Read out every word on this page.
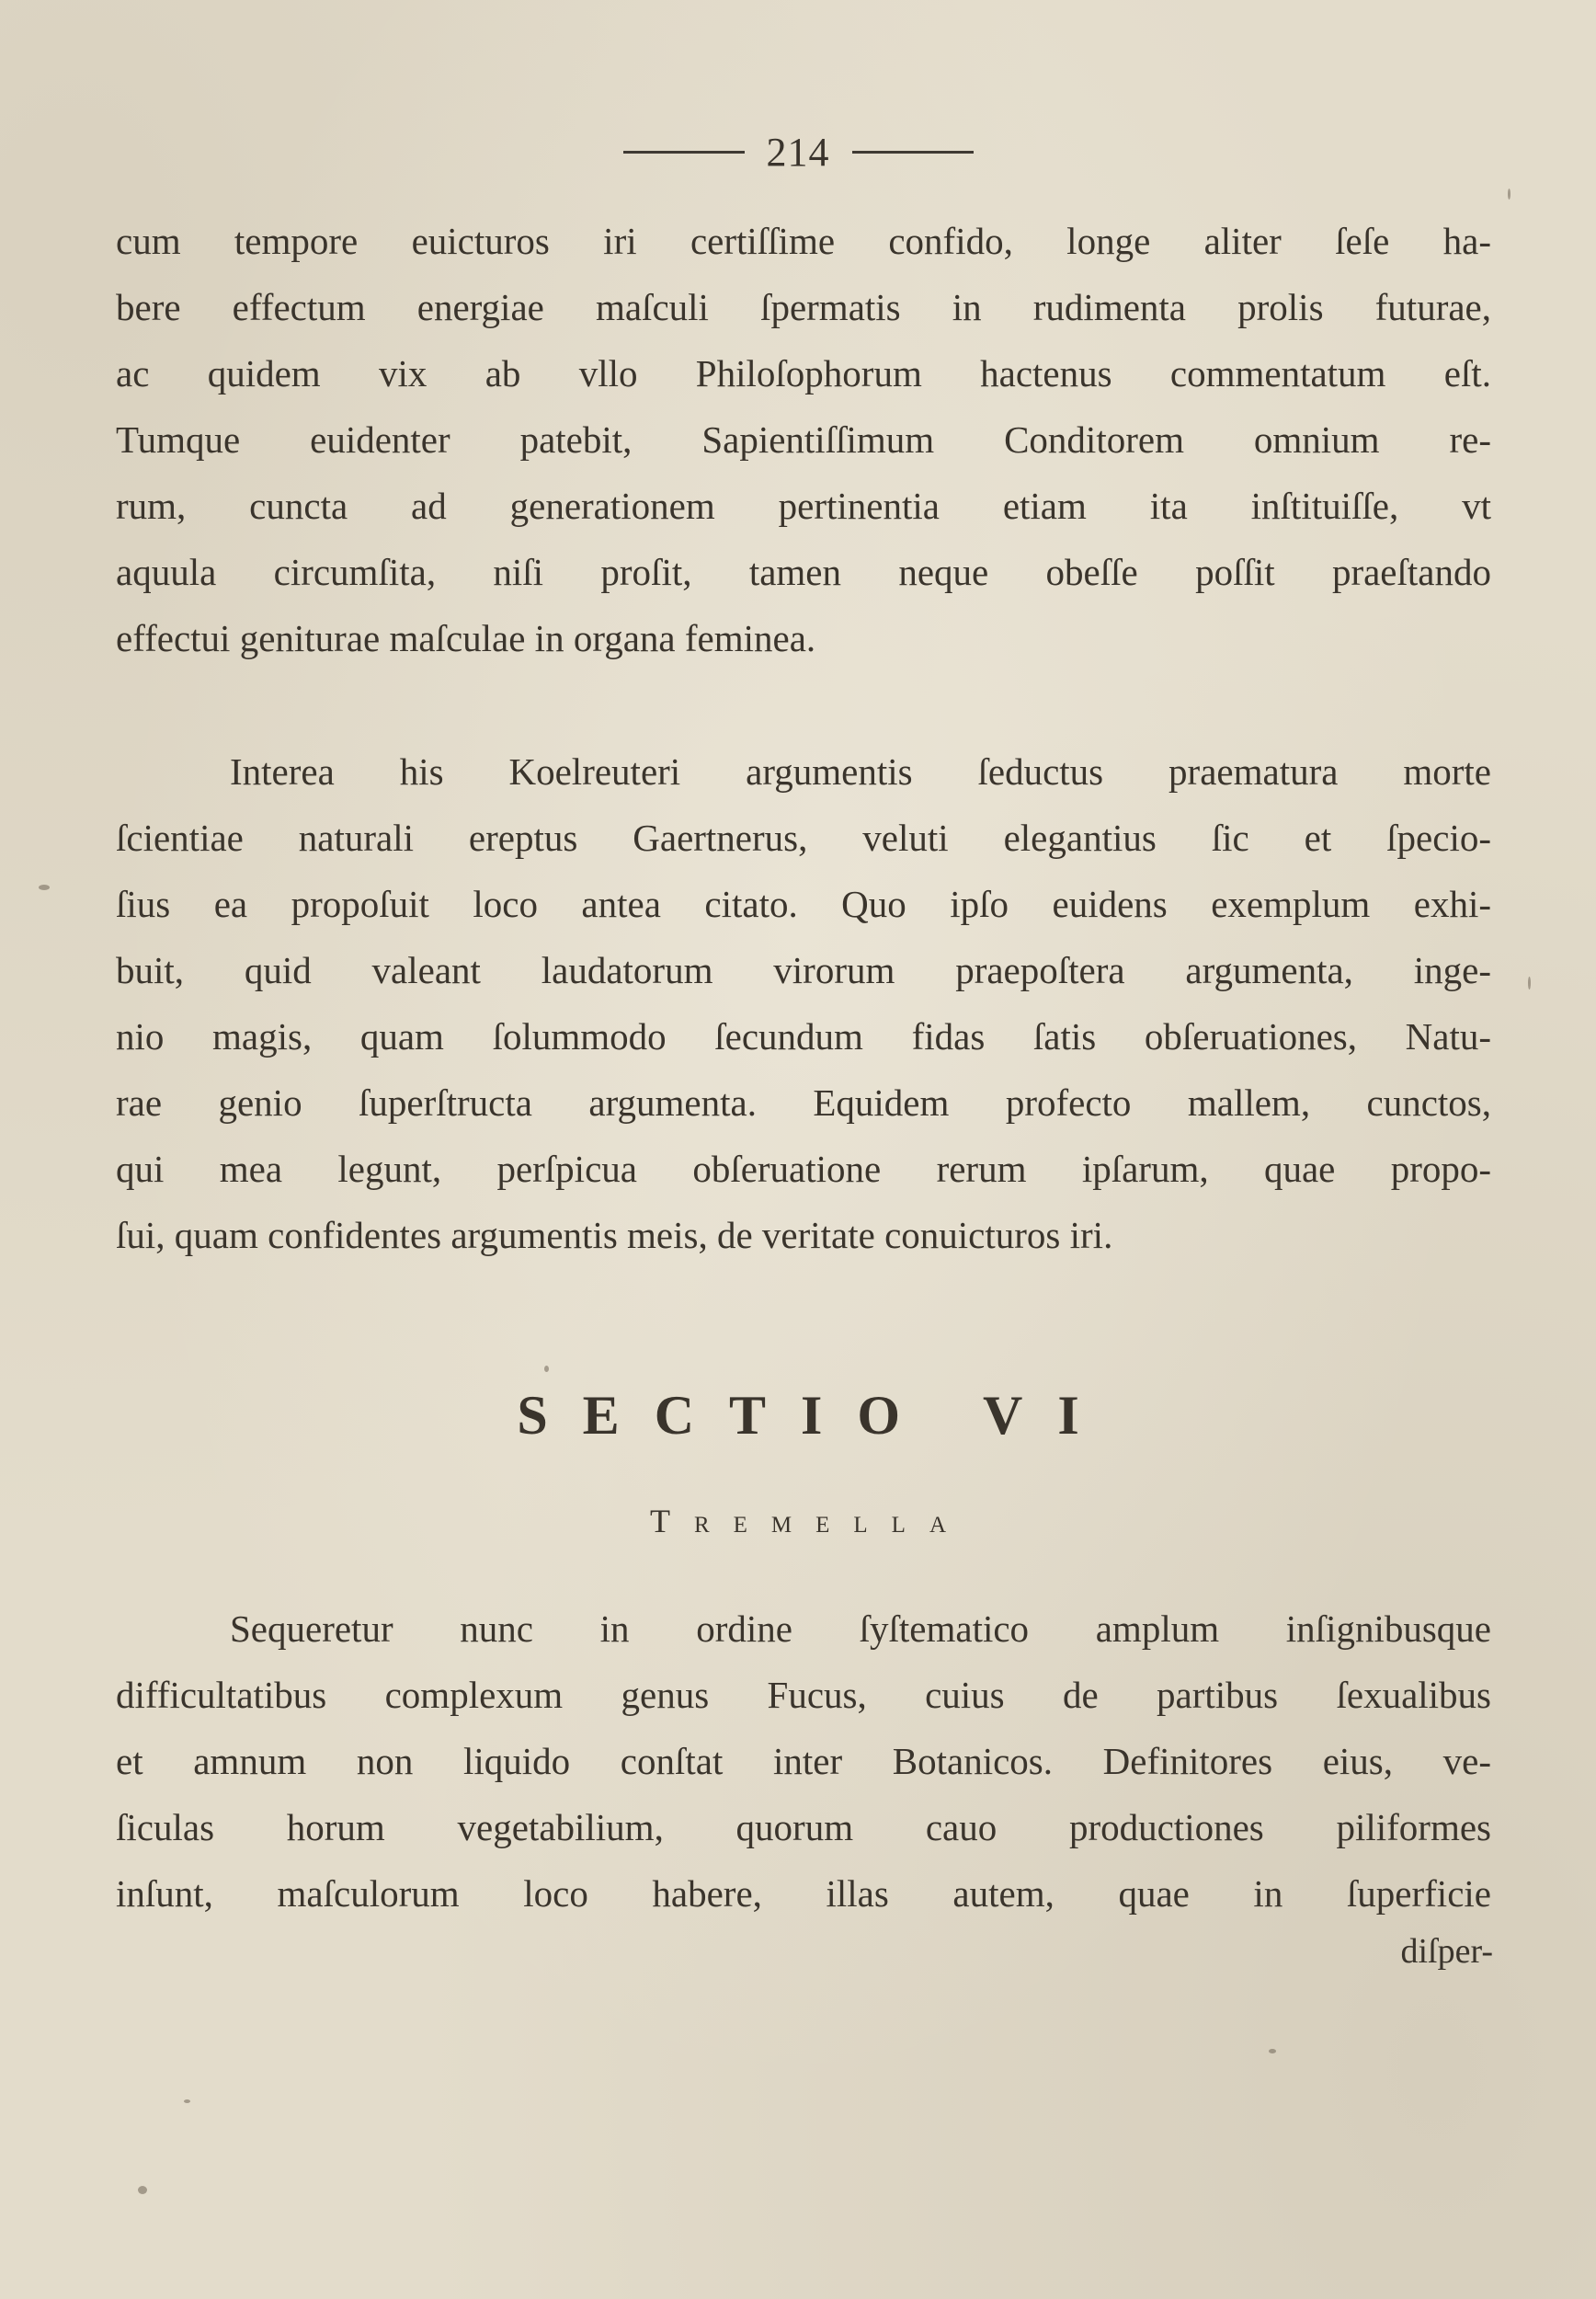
214
cum tempore euicturos iri certiſſime confido, longe aliter ſeſe ha-
bere effectum energiae maſculi ſpermatis in rudimenta prolis futurae,
ac quidem vix ab vllo Philoſophorum hactenus commentatum eſt.
Tumque euidenter patebit, Sapientiſſimum Conditorem omnium re-
rum, cuncta ad generationem pertinentia etiam ita inſtituiſſe, vt
aquula circumſita, niſi proſit, tamen neque obeſſe poſſit praeſtando
effectui geniturae maſculae in organa feminea.
Interea his Koelreuteri argumentis ſeductus praematura morte
ſcientiae naturali ereptus Gaertnerus, veluti elegantius ſic et ſpecio-
ſius ea propoſuit loco antea citato. Quo ipſo euidens exemplum exhi-
buit, quid valeant laudatorum virorum praepoſtera argumenta, inge-
nio magis, quam ſolummodo ſecundum fidas ſatis obſeruationes, Natu-
rae genio ſuperſtructa argumenta. Equidem profecto mallem, cunctos,
qui mea legunt, perſpicua obſeruatione rerum ipſarum, quae propo-
ſui, quam confidentes argumentis meis, de veritate conuicturos iri.
SECTIO VI
Tremella
Sequeretur nunc in ordine ſyſtematico amplum inſignibusque
difficultatibus complexum genus Fucus, cuius de partibus ſexualibus
et amnum non liquido conſtat inter Botanicos. Definitores eius, ve-
ſiculas horum vegetabilium, quorum cauo productiones piliformes
inſunt, maſculorum loco habere, illas autem, quae in ſuperficie
diſper-
